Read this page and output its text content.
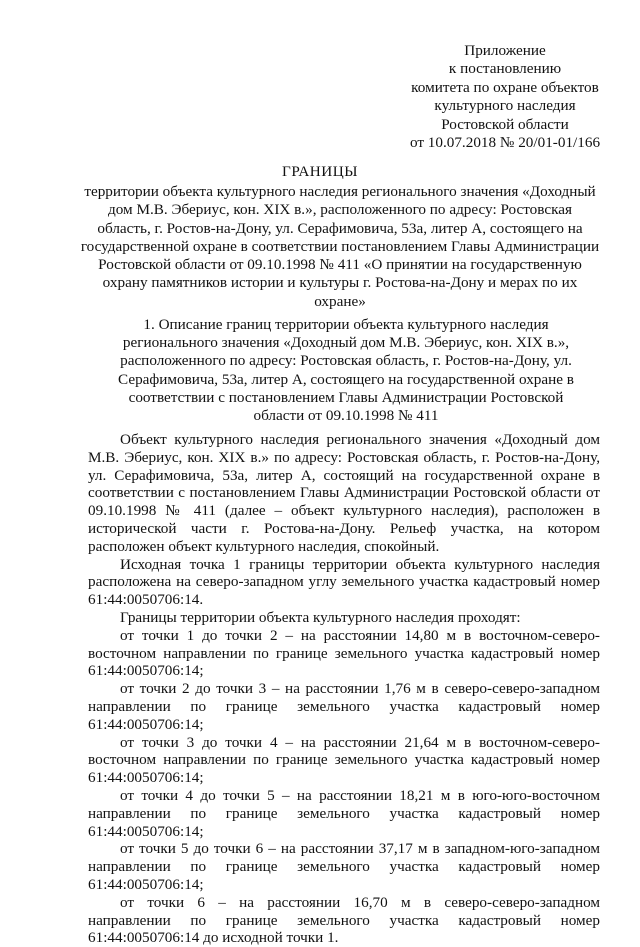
Приложение
к постановлению
комитета по охране объектов
культурного наследия
Ростовской области
от 10.07.2018 № 20/01-01/166
ГРАНИЦЫ
территории объекта культурного наследия регионального значения «Доходный дом М.В. Эбериус, кон. XIX в.», расположенного по адресу: Ростовская область, г. Ростов-на-Дону, ул. Серафимовича, 53а, литер А, состоящего на государственной охране в соответствии постановлением Главы Администрации Ростовской области от 09.10.1998 № 411 «О принятии на государственную охрану памятников истории и культуры г. Ростова-на-Дону и мерах по их охране»
1. Описание границ территории объекта культурного наследия регионального значения «Доходный дом М.В. Эбериус, кон. XIX в.», расположенного по адресу: Ростовская область, г. Ростов-на-Дону, ул. Серафимовича, 53а, литер А, состоящего на государственной охране в соответствии с постановлением Главы Администрации Ростовской области от 09.10.1998 № 411

Объект культурного наследия регионального значения «Доходный дом М.В. Эбериус, кон. XIX в.» по адресу: Ростовская область, г. Ростов-на-Дону, ул. Серафимовича, 53а, литер А, состоящий на государственной охране в соответствии с постановлением Главы Администрации Ростовской области от 09.10.1998 № 411 (далее – объект культурного наследия), расположен в исторической части г. Ростова-на-Дону. Рельеф участка, на котором расположен объект культурного наследия, спокойный.

Исходная точка 1 границы территории объекта культурного наследия расположена на северо-западном углу земельного участка кадастровый номер 61:44:0050706:14.

Границы территории объекта культурного наследия проходят:

от точки 1 до точки 2 – на расстоянии 14,80 м в восточном-северо-восточном направлении по границе земельного участка кадастровый номер 61:44:0050706:14;

от точки 2 до точки 3 – на расстоянии 1,76 м в северо-северо-западном направлении по границе земельного участка кадастровый номер 61:44:0050706:14;

от точки 3 до точки 4 – на расстоянии 21,64 м в восточном-северо-восточном направлении по границе земельного участка кадастровый номер 61:44:0050706:14;

от точки 4 до точки 5 – на расстоянии 18,21 м в юго-юго-восточном направлении по границе земельного участка кадастровый номер 61:44:0050706:14;

от точки 5 до точки 6 – на расстоянии 37,17 м в западном-юго-западном направлении по границе земельного участка кадастровый номер 61:44:0050706:14;

от точки 6 – на расстоянии 16,70 м в северо-северо-западном направлении по границе земельного участка кадастровый номер 61:44:0050706:14 до исходной точки 1.
